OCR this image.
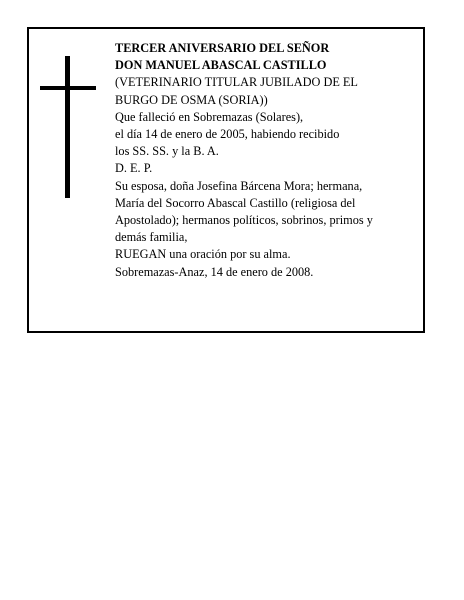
TERCER ANIVERSARIO DEL SEÑOR
DON MANUEL ABASCAL CASTILLO
(VETERINARIO TITULAR JUBILADO DE EL
BURGO DE OSMA (SORIA))
Que falleció en Sobremazas (Solares),
el día 14 de enero de 2005, habiendo recibido
los SS. SS. y la B. A.
D. E. P.
Su esposa, doña Josefina Bárcena Mora; hermana,
María del Socorro Abascal Castillo (religiosa del
Apostolado); hermanos políticos, sobrinos, primos y
demás familia,
RUEGAN una oración por su alma.
Sobremazas-Anaz, 14 de enero de 2008.
